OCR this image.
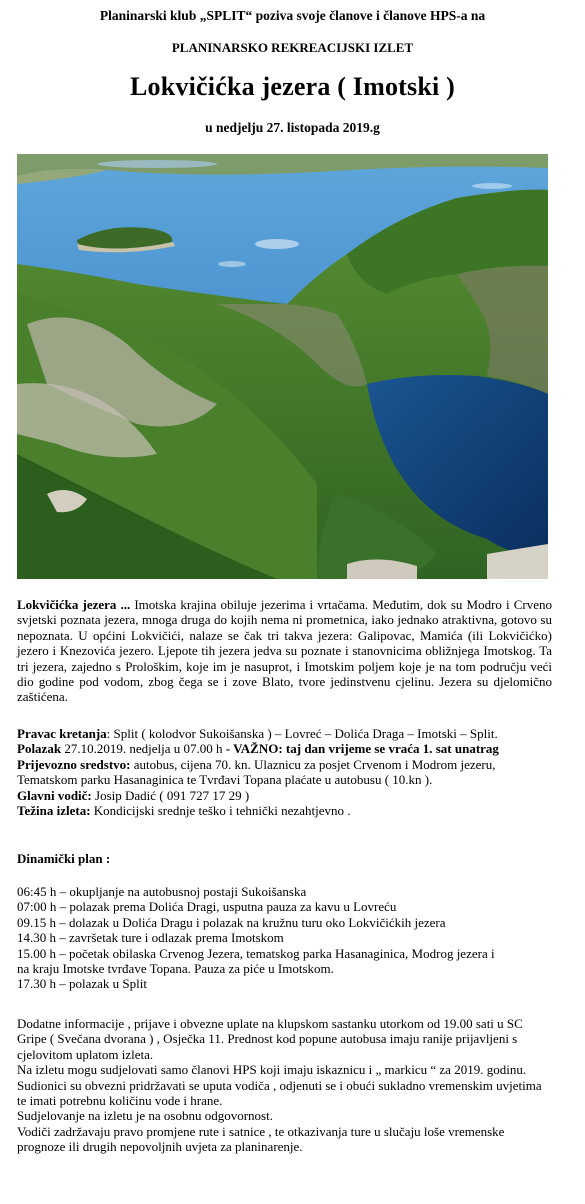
Planinarski klub „SPLIT“ poziva svoje članove i članove HPS-a na
PLANINARSKO REKREACIJSKI IZLET
Lokvičićka jezera ( Imotski )
u nedjelju 27. listopada 2019.g
Lokvičićka jezera ... Imotska krajina obiluje jezerima i vrtačama. Međutim, dok su Modro i Crveno svjetski poznata jezera, mnoga druga do kojih nema ni prometnica, iako jednako atraktivna, gotovo su nepoznata. U općini Lokvičići, nalaze se čak tri takva jezera: Galipovac, Mamića (ili Lokvičićko) jezero i Knezovića jezero. Ljepote tih jezera jedva su poznate i stanovnicima obližnjega Imotskog. Ta tri jezera, zajedno s Prološkim, koje im je nasuprot, i Imotskim poljem koje je na tom području veći dio godine pod vodom, zbog čega se i zove Blato, tvore jedinstvenu cjelinu. Jezera su djelomično zaštićena.
Pravac kretanja: Split ( kolodvor Sukoišanska ) – Lovreć – Dolića Draga – Imotski – Split.
Polazak 27.10.2019. nedjelja u 07.00 h - VAŽNO: taj dan vrijeme se vraća 1. sat unatrag
Prijevozno sredstvo: autobus, cijena 70. kn. Ulaznicu za posjet Crvenom i Modrom jezeru,
Tematskom parku Hasanaginica te Tvrđavi Topana plaćate u autobusu ( 10.kn ).
Glavni vodič: Josip Dadić ( 091 727 17 29 )
Težina izleta: Kondicijski srednje teško i tehnički nezahtjevno .
Dinamički plan :
06:45 h – okupljanje na autobusnoj postaji Sukoišanska
07:00 h – polazak prema Dolića Dragi, usputna pauza za kavu u Lovreću
09.15 h – dolazak u Dolića Dragu i polazak na kružnu turu oko Lokvičićkih jezera
14.30 h – završetak ture i odlazak prema Imotskom
15.00 h – početak obilaska Crvenog Jezera, tematskog parka Hasanaginica, Modrog jezera i
na kraju Imotske tvrđave Topana. Pauza za piće u Imotskom.
17.30 h – polazak u Split
Dodatne informacije , prijave i obvezne uplate na klupskom sastanku utorkom od 19.00 sati u SC Gripe ( Svečana dvorana ) , Osječka 11. Prednost kod popune autobusa imaju ranije prijavljeni s cjelovitom uplatom izleta.
Na izletu mogu sudjelovati samo članovi HPS koji imaju iskaznicu i „ markicu “ za 2019. godinu.
Sudionici su obvezni pridržavati se uputa vodiča , odjenuti se i obući sukladno vremenskim uvjetima te imati potrebnu količinu vode i hrane.
Sudjelovanje na izletu je na osobnu odgovornost.
Vodiči zadržavaju pravo promjene rute i satnice , te otkazivanja ture u slučaju loše vremenske prognoze ili drugih nepovoljnih uvjeta za planinarenje.
